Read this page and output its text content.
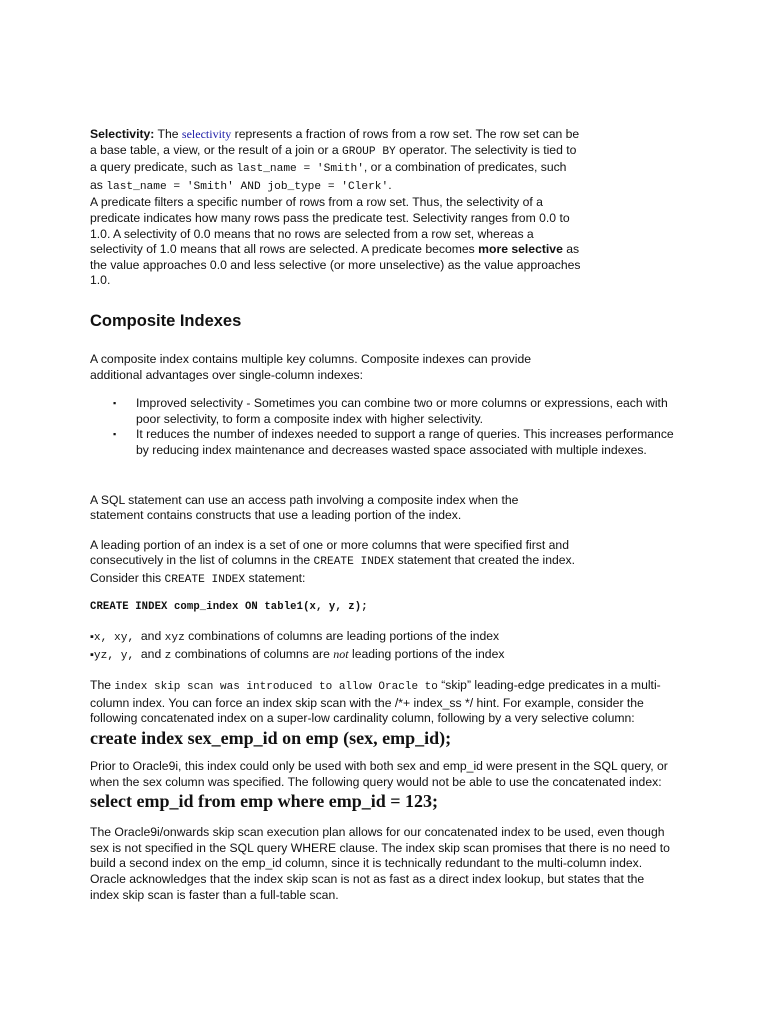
Selectivity: The selectivity represents a fraction of rows from a row set. The row set can be a base table, a view, or the result of a join or a GROUP BY operator. The selectivity is tied to a query predicate, such as last_name = 'Smith', or a combination of predicates, such as last_name = 'Smith' AND job_type = 'Clerk'.

A predicate filters a specific number of rows from a row set. Thus, the selectivity of a predicate indicates how many rows pass the predicate test. Selectivity ranges from 0.0 to 1.0. A selectivity of 0.0 means that no rows are selected from a row set, whereas a selectivity of 1.0 means that all rows are selected. A predicate becomes more selective as the value approaches 0.0 and less selective (or more unselective) as the value approaches 1.0.

Composite Indexes

A composite index contains multiple key columns. Composite indexes can provide additional advantages over single-column indexes:

▪ Improved selectivity - Sometimes you can combine two or more columns or expressions, each with poor selectivity, to form a composite index with higher selectivity.
▪ It reduces the number of indexes needed to support a range of queries. This increases performance by reducing index maintenance and decreases wasted space associated with multiple indexes.

A SQL statement can use an access path involving a composite index when the statement contains constructs that use a leading portion of the index.

A leading portion of an index is a set of one or more columns that were specified first and consecutively in the list of columns in the CREATE INDEX statement that created the index. Consider this CREATE INDEX statement:

CREATE INDEX comp_index ON table1(x, y, z);

▪x, xy, and xyz combinations of columns are leading portions of the index

▪yz, y, and z combinations of columns are not leading portions of the index

The index skip scan was introduced to allow Oracle to “skip” leading-edge predicates in a multi-column index. You can force an index skip scan with the /*+ index_ss */ hint. For example, consider the following concatenated index on a super-low cardinality column, following by a very selective column:

create index sex_emp_id on emp (sex, emp_id);

Prior to Oracle9i, this index could only be used with both sex and emp_id were present in the SQL query, or when the sex column was specified. The following query would not be able to use the concatenated index:

select emp_id from emp where emp_id = 123;

The Oracle9i/onwards skip scan execution plan allows for our concatenated index to be used, even though sex is not specified in the SQL query WHERE clause. The index skip scan promises that there is no need to build a second index on the emp_id column, since it is technically redundant to the multi-column index. Oracle acknowledges that the index skip scan is not as fast as a direct index lookup, but states that the index skip scan is faster than a full-table scan.
